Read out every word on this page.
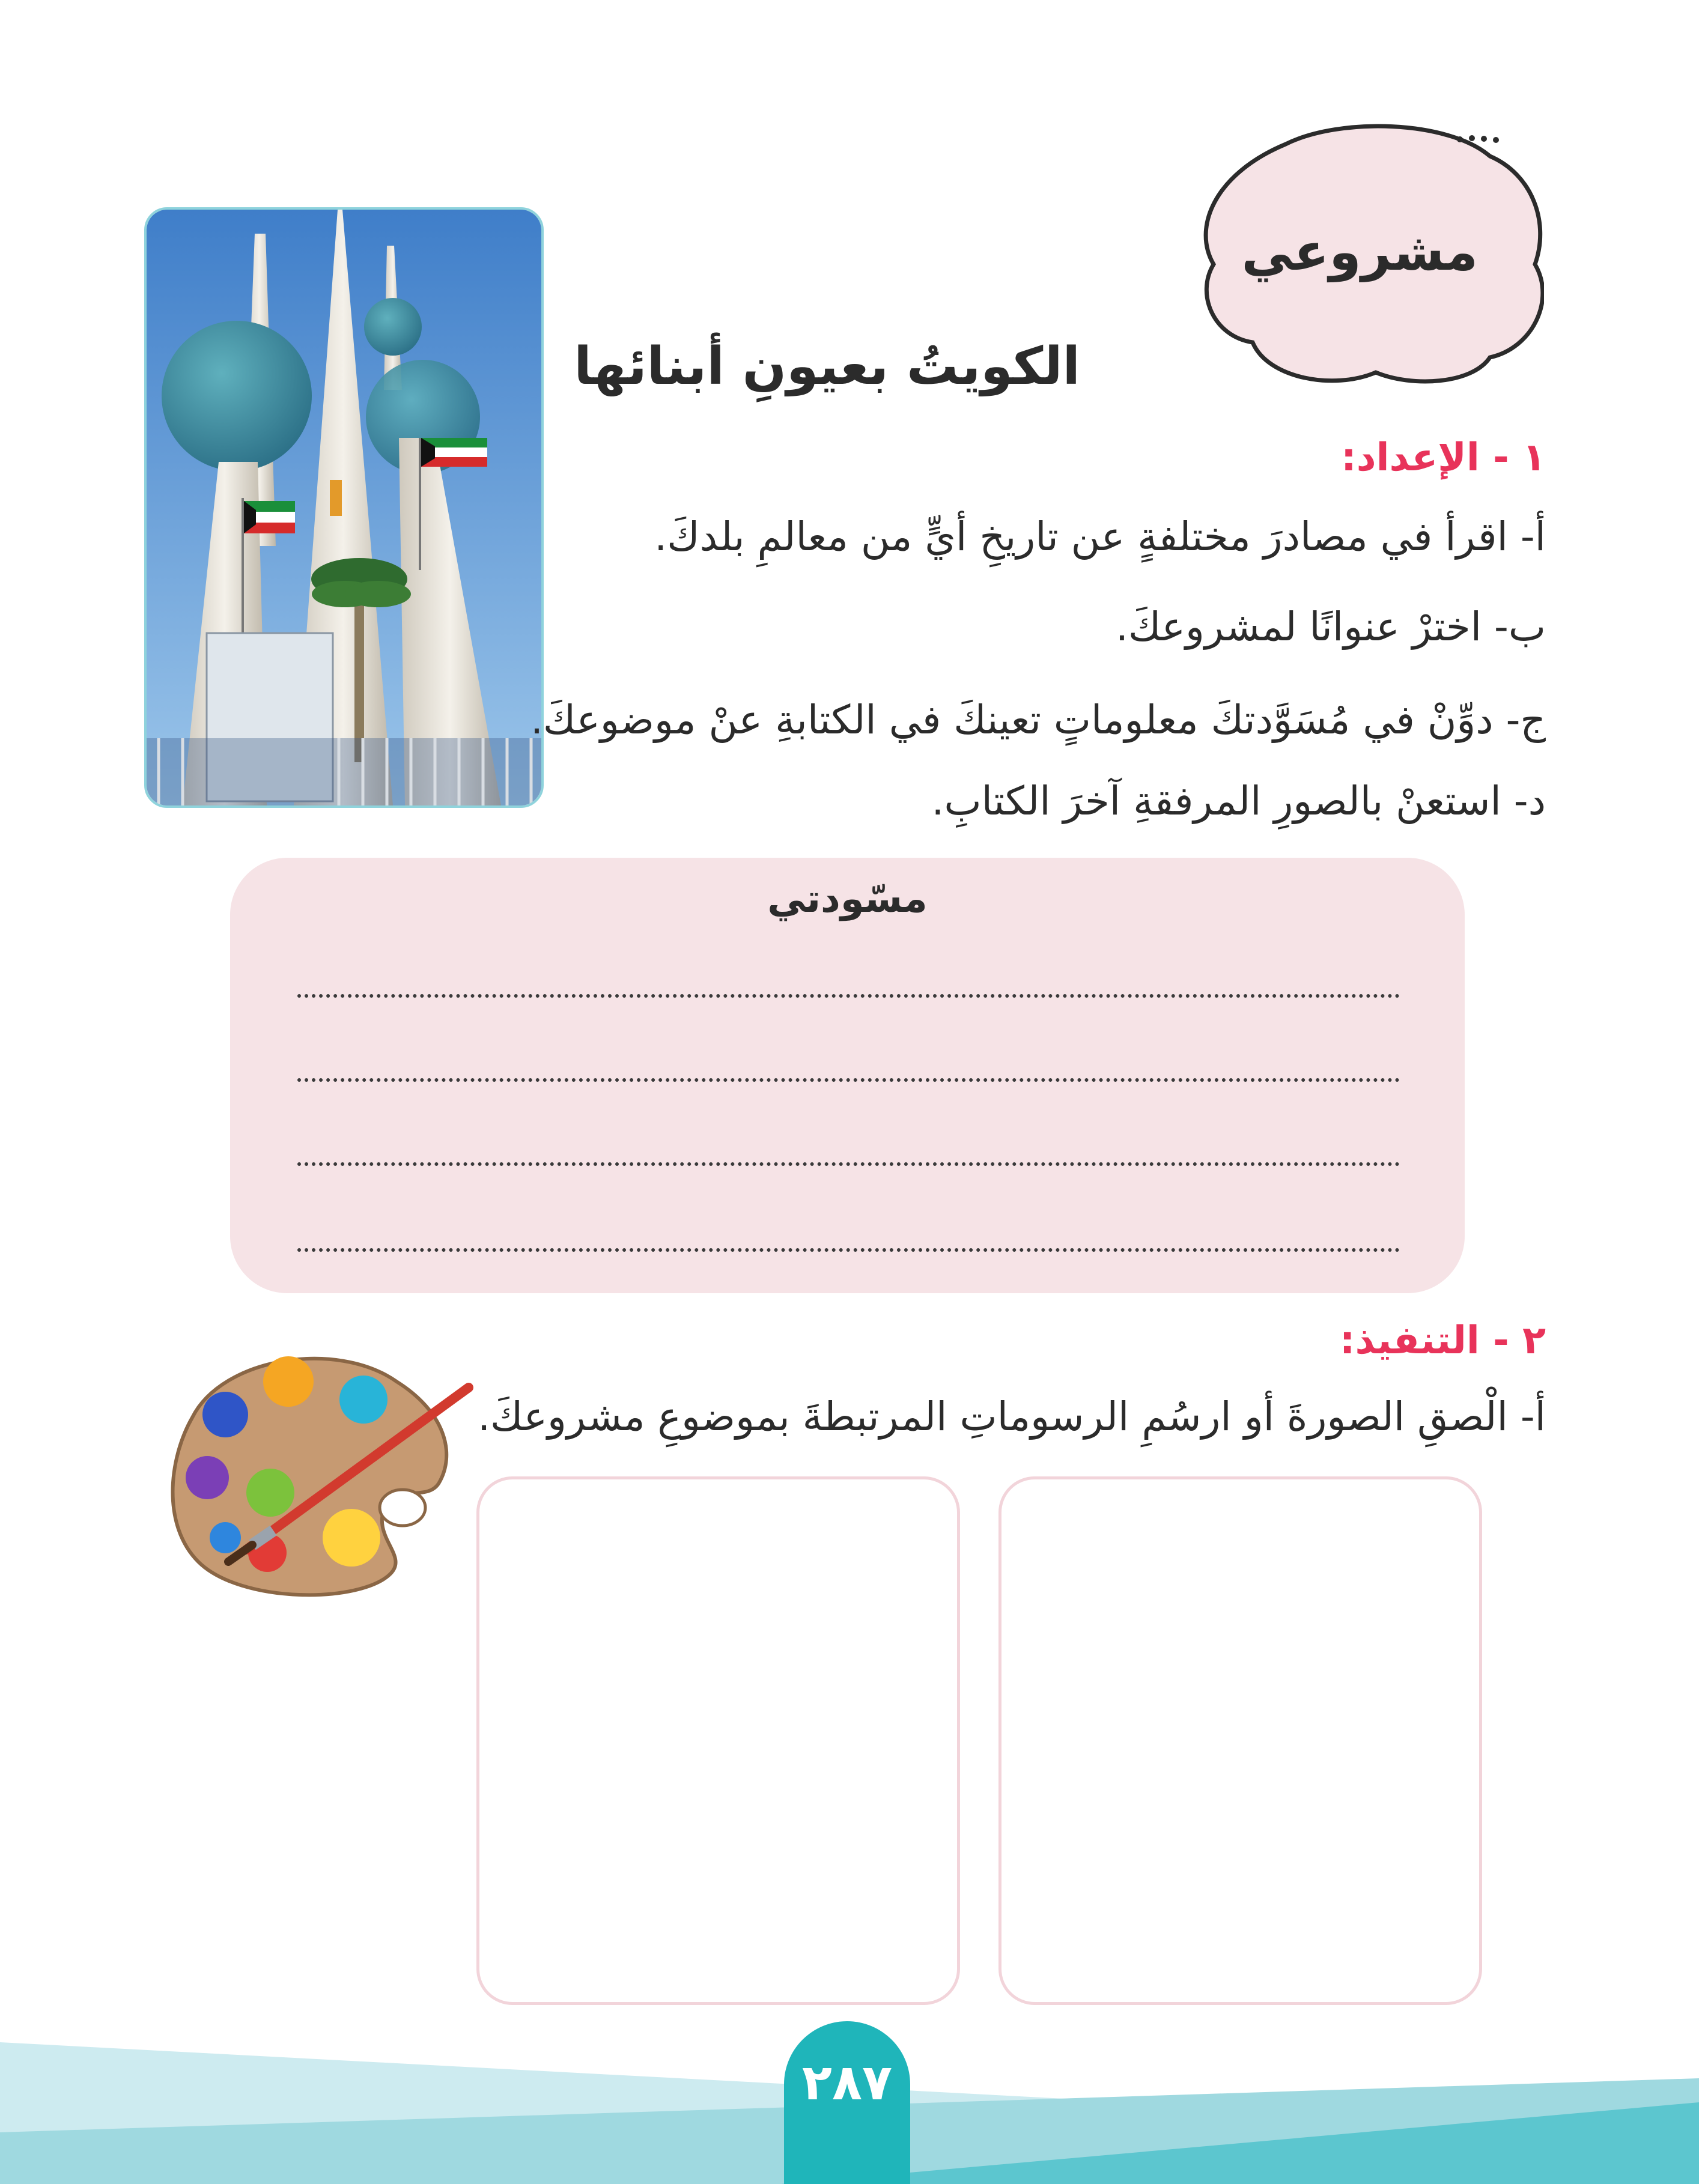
مشروعي
الكويتُ بعيونِ أبنائها
١ - الإعداد:
أ- اقرأ في مصادرَ مختلفةٍ عن تاريخِ أيٍّ من معالمِ بلدكَ.
ب- اخترْ عنوانًا لمشروعكَ.
ج- دوِّنْ في مُسَوَّدتكَ معلوماتٍ تعينكَ في الكتابةِ عنْ موضوعكَ.
د- استعنْ بالصورِ المرفقةِ آخرَ الكتابِ.
مسّودتي
٢ - التنفيذ:
أ- الْصقِ الصورةَ أو ارسُمِ الرسوماتِ المرتبطةَ بموضوعِ مشروعكَ.
٢٨٧
